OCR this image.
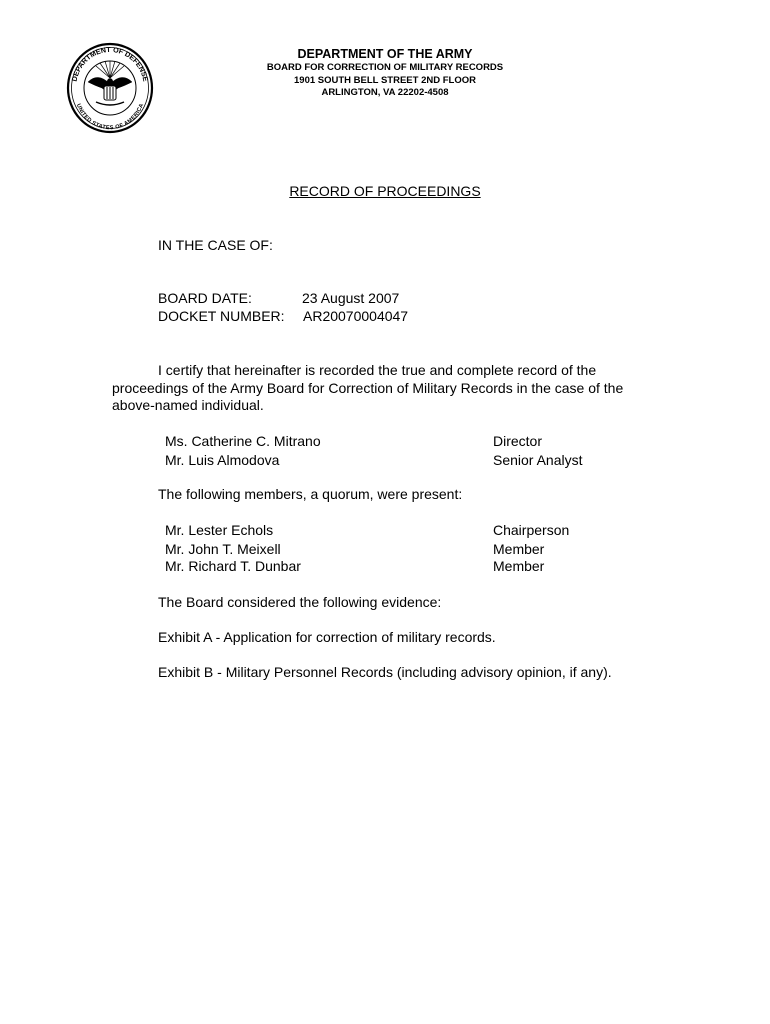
DEPARTMENT OF DEFENSE
UNITED STATES OF AMERICA
DEPARTMENT OF THE ARMY
BOARD FOR CORRECTION OF MILITARY RECORDS
1901 SOUTH BELL STREET 2ND FLOOR
ARLINGTON, VA 22202-4508
RECORD OF PROCEEDINGS
IN THE CASE OF:
BOARD DATE:	23 August 2007
DOCKET NUMBER: AR20070004047
I certify that hereinafter is recorded the true and complete record of the proceedings of the Army Board for Correction of Military Records in the case of the above-named individual.
Ms. Catherine C. Mitrano	Director
Mr. Luis Almodova	Senior Analyst
The following members, a quorum, were present:
Mr. Lester Echols	Chairperson
Mr. John T. Meixell	Member
Mr. Richard T. Dunbar	Member
The Board considered the following evidence:
Exhibit A - Application for correction of military records.
Exhibit B - Military Personnel Records (including advisory opinion, if any).
